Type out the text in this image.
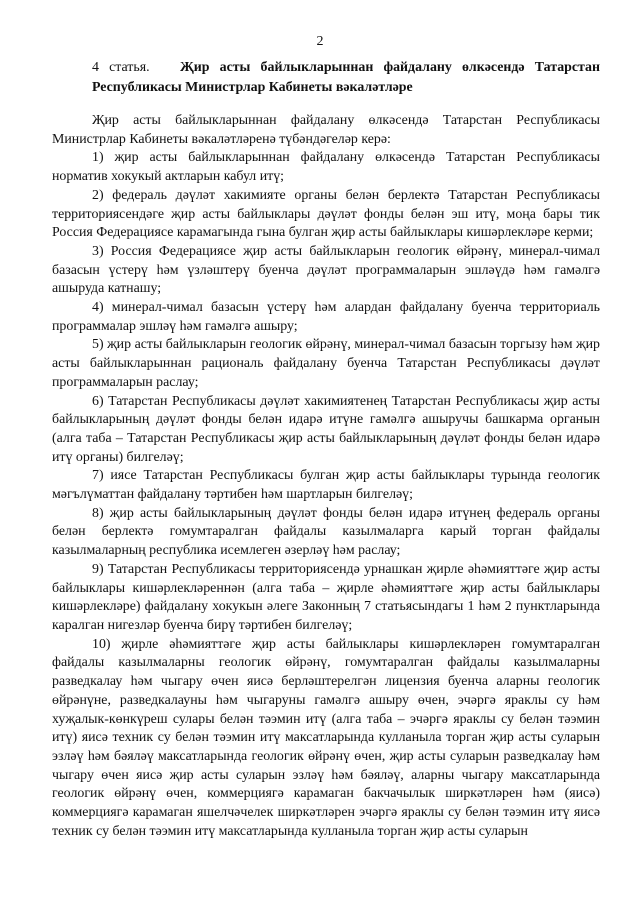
2
4 статья. Җир асты байлыкларыннан файдалану өлкәсендә Татарстан Республикасы Министрлар Кабинеты вәкаләтләре

Җир асты байлыкларыннан файдалану өлкәсендә Татарстан Республикасы Министрлар Кабинеты вәкаләтләренә түбәндәгеләр керә:

1) җир асты байлыкларыннан файдалану өлкәсендә Татарстан Республикасы норматив хокукый актларын кабул итү;

2) федераль дәүләт хакимияте органы белән берлектә Татарстан Республикасы территориясендәге җир асты байлыклары дәүләт фонды белән эш итү, моңа бары тик Россия Федерациясе карамагында гына булган җир асты байлыклары кишәрлекләре керми;

3) Россия Федерациясе җир асты байлыкларын геологик өйрәнү, минерал-чимал базасын үстерү һәм үзләштерү буенча дәүләт программаларын эшләүдә һәм гамәлгә ашыруда катнашу;

4) минерал-чимал базасын үстерү һәм алардан файдалану буенча территориаль программалар эшләү һәм гамәлгә ашыру;

5) җир асты байлыкларын геологик өйрәнү, минерал-чимал базасын торгызу һәм җир асты байлыкларыннан рациональ файдалану буенча Татарстан Республикасы дәүләт программаларын раслау;

6) Татарстан Республикасы дәүләт хакимиятенең Татарстан Республикасы җир асты байлыкларының дәүләт фонды белән идарә итүне гамәлгә ашыручы башкарма органын (алга таба – Татарстан Республикасы җир асты байлыкларының дәүләт фонды белән идарә итү органы) билгеләү;

7) иясе Татарстан Республикасы булган җир асты байлыклары турында геологик мәгълүматтан файдалану тәртибен һәм шартларын билгеләү;

8) җир асты байлыкларының дәүләт фонды белән идарә итүнең федераль органы белән берлектә гомумтаралган файдалы казылмаларга карый торган файдалы казылмаларның республика исемлеген әзерләү һәм раслау;

9) Татарстан Республикасы территориясендә урнашкан җирле әһәмияттәге җир асты байлыклары кишәрлекләреннән (алга таба – җирле әһәмияттәге җир асты байлыклары кишәрлекләре) файдалану хокукын әлеге Законның 7 статьясындагы 1 һәм 2 пунктларында каралган нигезләр буенча бирү тәртибен билгеләү;

10) җирле әһәмияттәге җир асты байлыклары кишәрлекләрен гомумтаралган файдалы казылмаларны геологик өйрәнү, гомумтаралган файдалы казылмаларны разведкалау һәм чыгару өчен яисә берләштерелгән лицензия буенча аларны геологик өйрәнүне, разведкалауны һәм чыгаруны гамәлгә ашыру өчен, эчәргә яраклы су һәм хуҗалык-көнкүреш сулары белән тәэмин итү (алга таба – эчәргә яраклы су белән тәэмин итү) яисә техник су белән тәэмин итү максатларында кулланыла торган җир асты суларын эзләү һәм бәяләү максатларында геологик өйрәнү өчен, җир асты суларын разведкалау һәм чыгару өчен яисә җир асты суларын эзләү һәм бәяләү, аларны чыгару максатларында геологик өйрәнү өчен, коммерциягә карамаган бакчачылык ширкәтләрен һәм (яисә) коммерциягә карамаган яшелчәчелек ширкәтләрен эчәргә яраклы су белән тәэмин итү яисә техник су белән тәэмин итү максатларында кулланыла торган җир асты суларын
